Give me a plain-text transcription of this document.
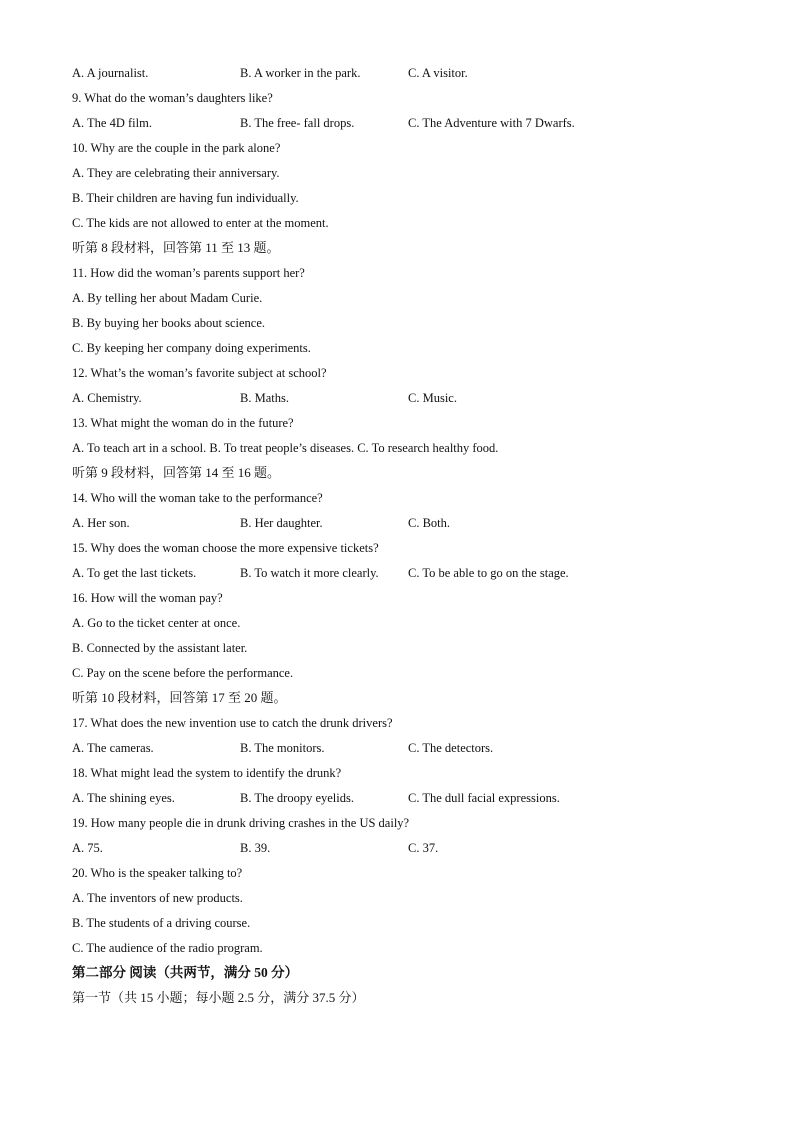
A. A journalist.	B. A worker in the park.	C. A visitor.
9. What do the woman’s daughters like?
A. The 4D film.	B. The free- fall drops.	C. The Adventure with 7 Dwarfs.
10. Why are the couple in the park alone?
A. They are celebrating their anniversary.
B. Their children are having fun individually.
C. The kids are not allowed to enter at the moment.
听第 8 段材料，回答第 11 至 13 题。
11. How did the woman’s parents support her?
A. By telling her about Madam Curie.
B. By buying her books about science.
C. By keeping her company doing experiments.
12. What’s the woman’s favorite subject at school?
A. Chemistry.	B. Maths.	C. Music.
13. What might the woman do in the future?
A. To teach art in a school. B. To treat people’s diseases. C. To research healthy food.
听第 9 段材料，回答第 14 至 16 题。
14. Who will the woman take to the performance?
A. Her son.	B. Her daughter.	C. Both.
15. Why does the woman choose the more expensive tickets?
A. To get the last tickets.	B. To watch it more clearly. C. To be able to go on the stage.
16. How will the woman pay?
A. Go to the ticket center at once.
B. Connected by the assistant later.
C. Pay on the scene before the performance.
听第 10 段材料，回答第 17 至 20 题。
17. What does the new invention use to catch the drunk drivers?
A. The cameras.	B. The monitors.	C. The detectors.
18. What might lead the system to identify the drunk?
A. The shining eyes.	B. The droopy eyelids.	C. The dull facial expressions.
19. How many people die in drunk driving crashes in the US daily?
A. 75.	B. 39.	C. 37.
20. Who is the speaker talking to?
A. The inventors of new products.
B. The students of a driving course.
C. The audience of the radio program.
第二部分 阅读（共两节，满分 50 分）
第一节（共 15 小题；每小题 2.5 分，满分 37.5 分）
